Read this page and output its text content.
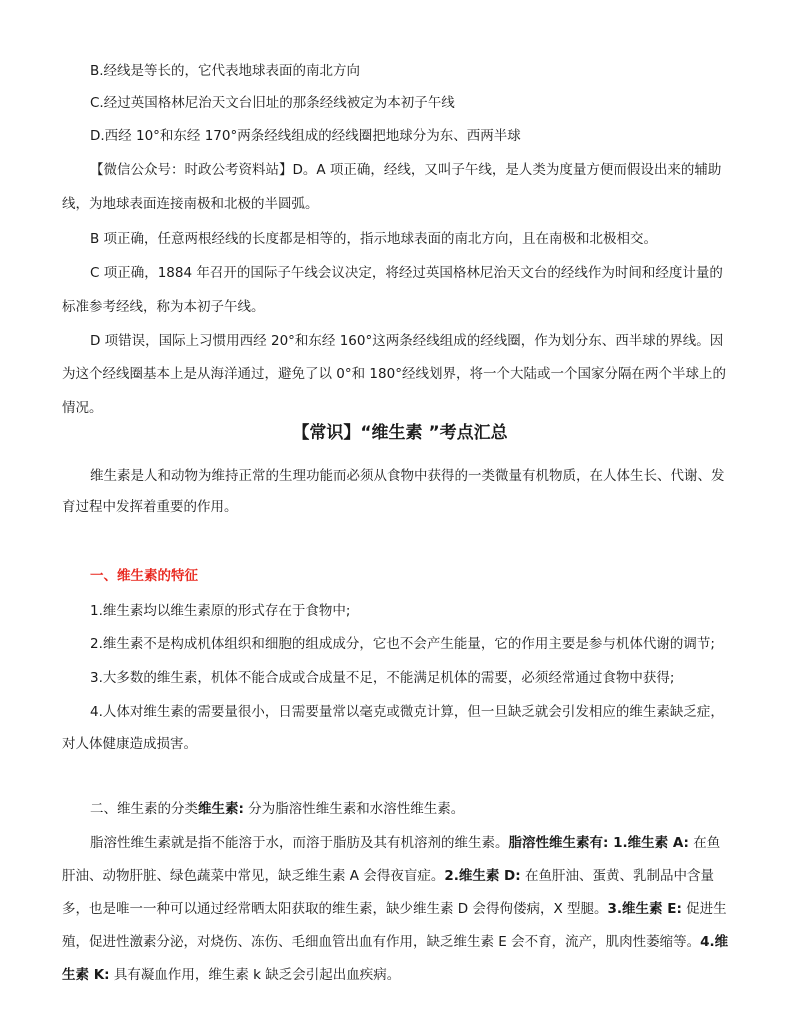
B.经线是等长的，它代表地球表面的南北方向
C.经过英国格林尼治天文台旧址的那条经线被定为本初子午线
D.西经 10°和东经 170°两条经线组成的经线圈把地球分为东、西两半球
【微信公众号：时政公考资料站】D。A 项正确，经线，又叫子午线，是人类为度量方便而假设出来的辅助
线，为地球表面连接南极和北极的半圆弧。
B 项正确，任意两根经线的长度都是相等的，指示地球表面的南北方向，且在南极和北极相交。
C 项正确，1884 年召开的国际子午线会议决定，将经过英国格林尼治天文台的经线作为时间和经度计量的
标准参考经线，称为本初子午线。
D 项错误，国际上习惯用西经 20°和东经 160°这两条经线组成的经线圈，作为划分东、西半球的界线。因
为这个经线圈基本上是从海洋通过，避免了以 0°和 180°经线划界，将一个大陆或一个国家分隔在两个半球上的
情况。
【常识】“维生素 ”考点汇总
维生素是人和动物为维持正常的生理功能而必须从食物中获得的一类微量有机物质，在人体生长、代谢、发
育过程中发挥着重要的作用。
一、维生素的特征
1.维生素均以维生素原的形式存在于食物中;
2.维生素不是构成机体组织和细胞的组成成分，它也不会产生能量，它的作用主要是参与机体代谢的调节;
3.大多数的维生素，机体不能合成或合成量不足，不能满足机体的需要，必须经常通过食物中获得;
4.人体对维生素的需要量很小，日需要量常以毫克或微克计算，但一旦缺乏就会引发相应的维生素缺乏症，
对人体健康造成损害。
二、维生素的分类维生素: 分为脂溶性维生素和水溶性维生素。
脂溶性维生素就是指不能溶于水，而溶于脂肪及其有机溶剂的维生素。脂溶性维生素有: 1.维生素 A: 在鱼
肝油、动物肝脏、绿色蔬菜中常见，缺乏维生素 A 会得夜盲症。2.维生素 D: 在鱼肝油、蛋黄、乳制品中含量
多，也是唯一一种可以通过经常晒太阳获取的维生素，缺少维生素 D 会得佝偻病，X 型腿。3.维生素 E: 促进生
殖，促进性激素分泌，对烧伤、冻伤、毛细血管出血有作用，缺乏维生素 E 会不育，流产，肌肉性萎缩等。4.维
生素 K: 具有凝血作用，维生素 k 缺乏会引起出血疾病。
